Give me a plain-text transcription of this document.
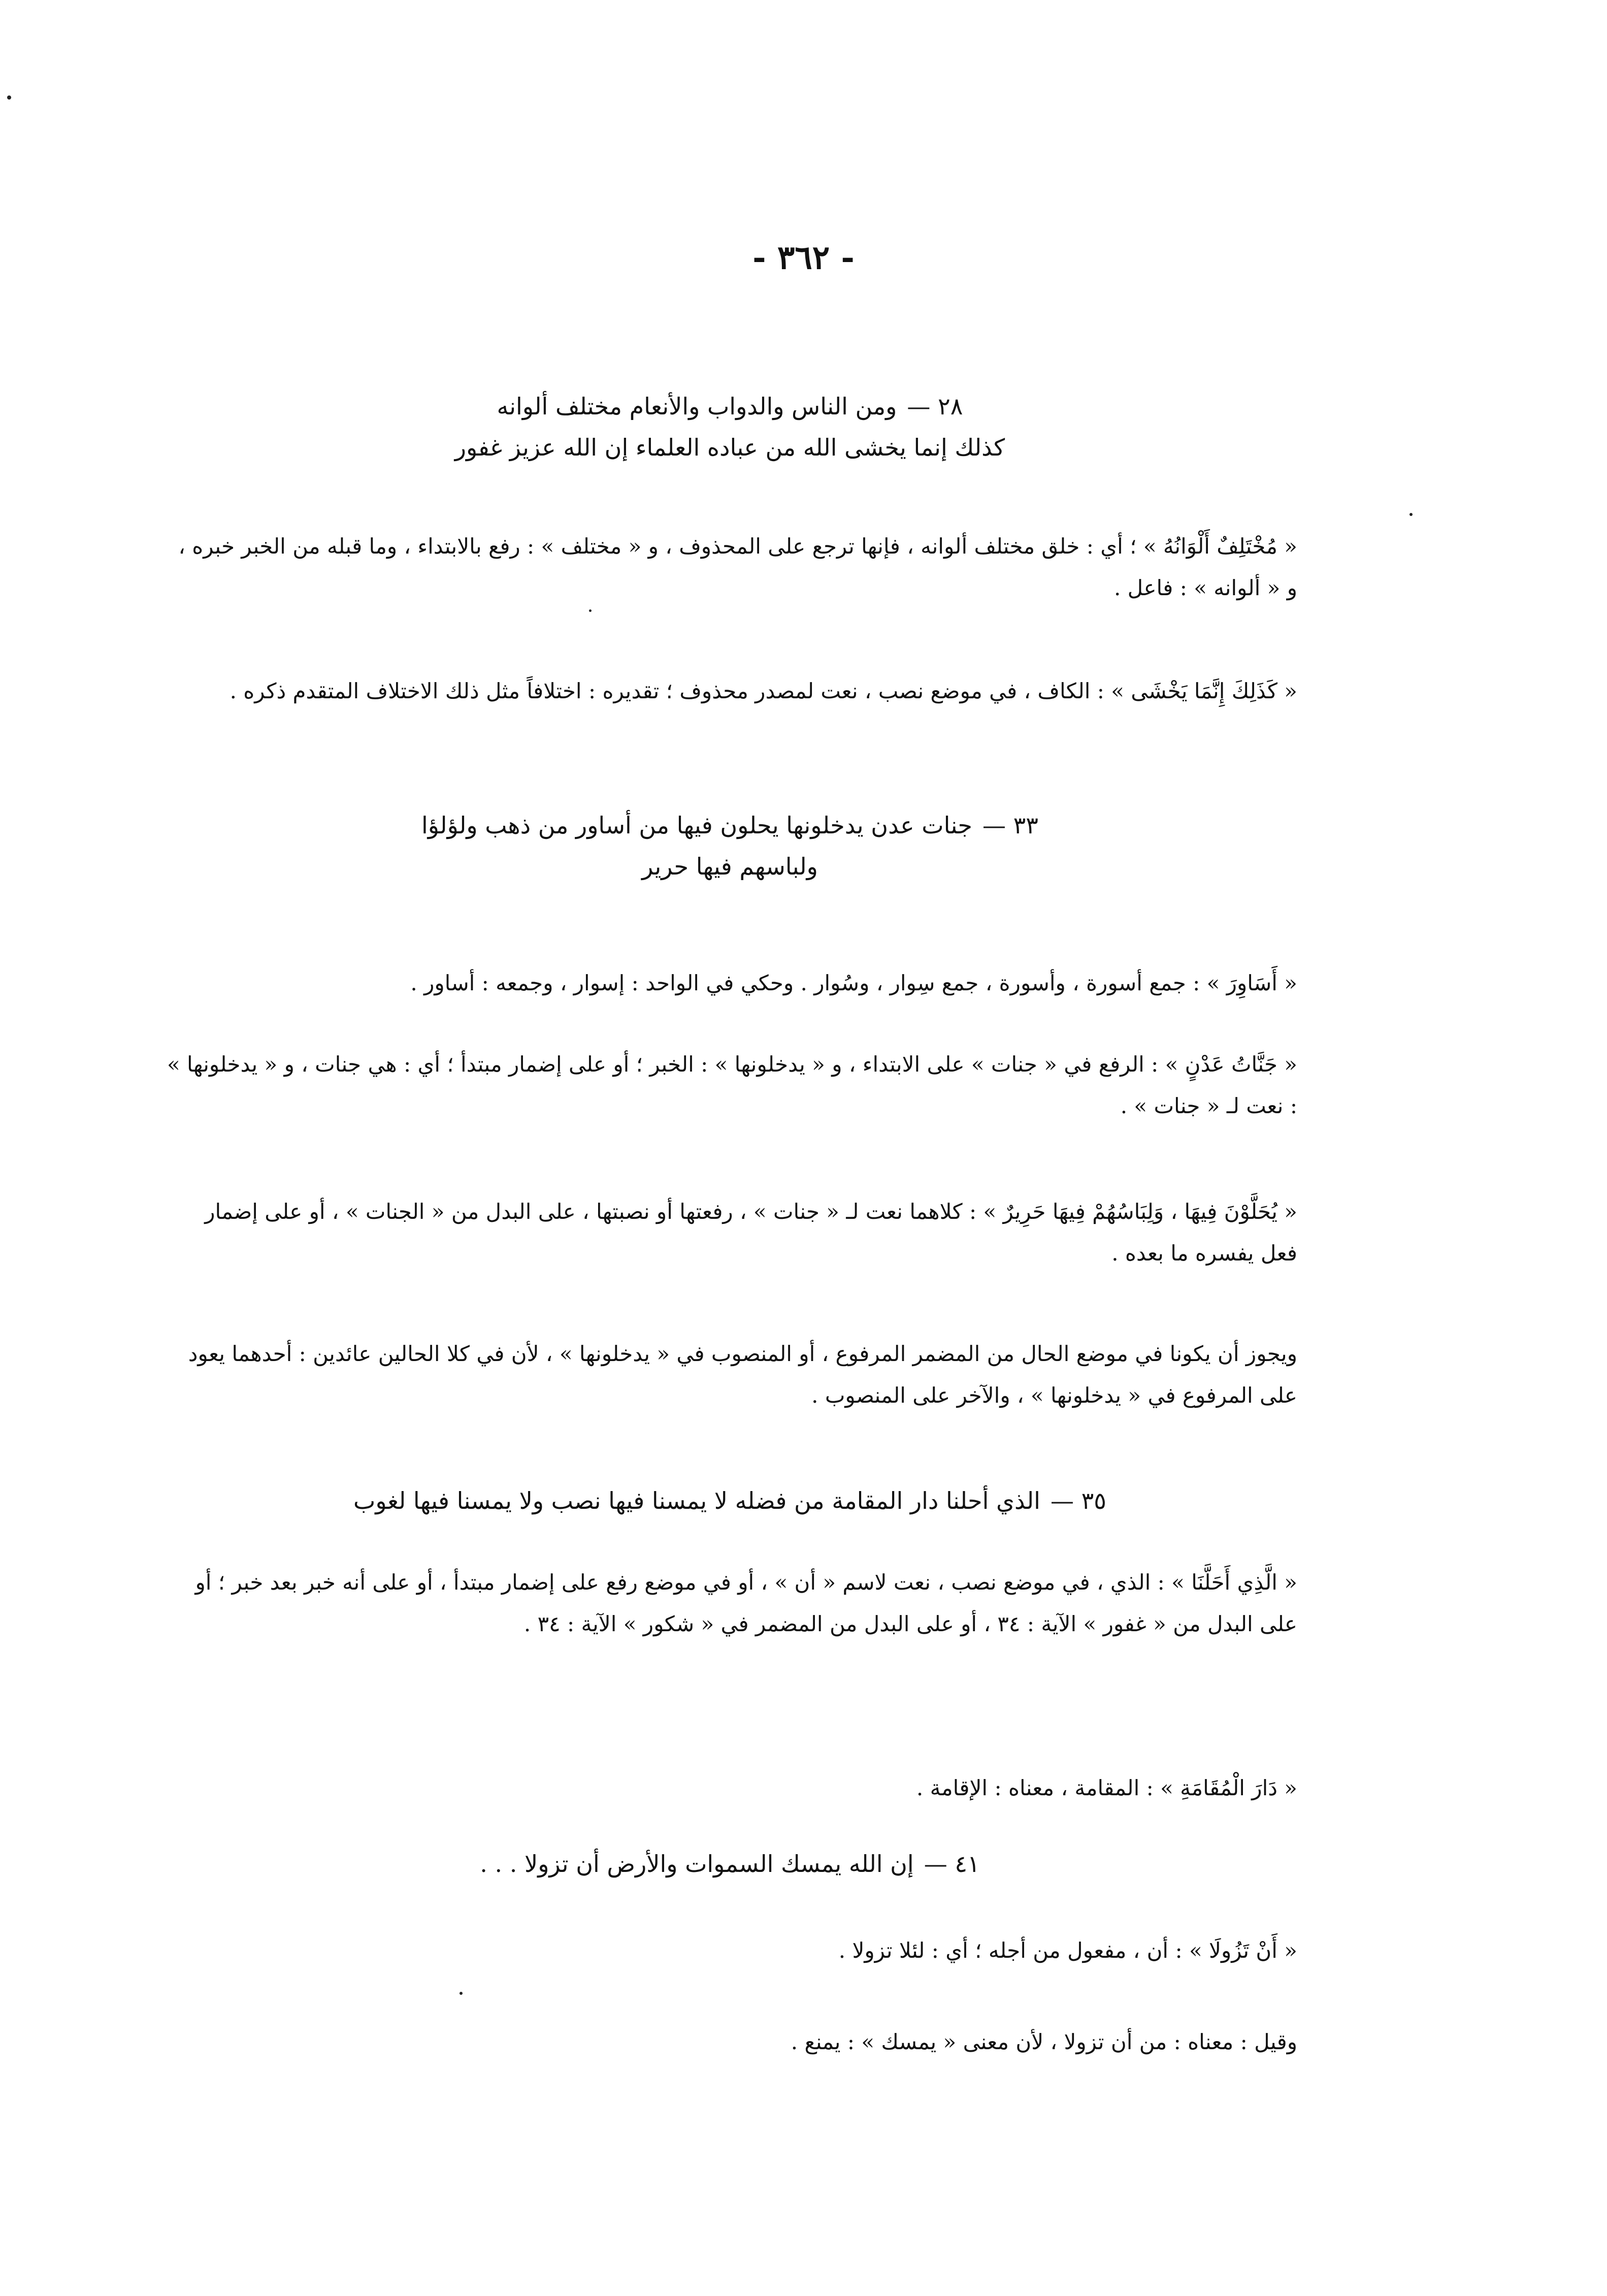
- ٣٦٢ -
٢٨ —ومن الناس والدواب والأنعام مختلف ألوانه
كذلك إنما يخشى الله من عباده العلماء إن الله عزيز غفور
« مُخْتَلِفٌ أَلْوَانُهُ » ؛ أي : خلق مختلف ألوانه ، فإنها ترجع على المحذوف ، و « مختلف » : رفع بالابتداء ، وما قبله من الخبر خبره ، و « ألوانه » : فاعل .
« كَذَلِكَ إِنَّمَا يَخْشَى » : الكاف ، في موضع نصب ، نعت لمصدر محذوف ؛ تقديره : اختلافاً مثل ذلك الاختلاف المتقدم ذكره .
٣٣ —جنات عدن يدخلونها يحلون فيها من أساور من ذهب ولؤلؤا
ولباسهم فيها حرير
« أَسَاوِرَ » : جمع أسورة ، وأسورة ، جمع سِوار ، وسُوار . وحكي في الواحد : إسوار ، وجمعه : أساور .
« جَنَّاتُ عَدْنٍ » : الرفع في « جنات » على الابتداء ، و « يدخلونها » : الخبر ؛ أو على إضمار مبتدأ ؛ أي : هي جنات ، و « يدخلونها » : نعت لـ « جنات » .
« يُحَلَّوْنَ فِيهَا ، وَلِبَاسُهُمْ فِيهَا حَرِيرٌ » : كلاهما نعت لـ « جنات » ، رفعتها أو نصبتها ، على البدل من « الجنات » ، أو على إضمار فعل يفسره ما بعده .
ويجوز أن يكونا في موضع الحال من المضمر المرفوع ، أو المنصوب في « يدخلونها » ، لأن في كلا الحالين عائدين : أحدهما يعود على المرفوع في « يدخلونها » ، والآخر على المنصوب .
٣٥ —الذي أحلنا دار المقامة من فضله لا يمسنا فيها نصب ولا يمسنا فيها لغوب
« الَّذِي أَحَلَّنَا » : الذي ، في موضع نصب ، نعت لاسم « أن » ، أو في موضع رفع على إضمار مبتدأ ، أو على أنه خبر بعد خبر ؛ أو على البدل من « غفور » الآية : ٣٤ ، أو على البدل من المضمر في « شكور » الآية : ٣٤ .
« دَارَ الْمُقَامَةِ » : المقامة ، معناه : الإقامة .
٤١ —إن الله يمسك السموات والأرض أن تزولا . . .
« أَنْ تَزُولَا » : أن ، مفعول من أجله ؛ أي : لئلا تزولا .
وقيل : معناه : من أن تزولا ، لأن معنى « يمسك » : يمنع .
